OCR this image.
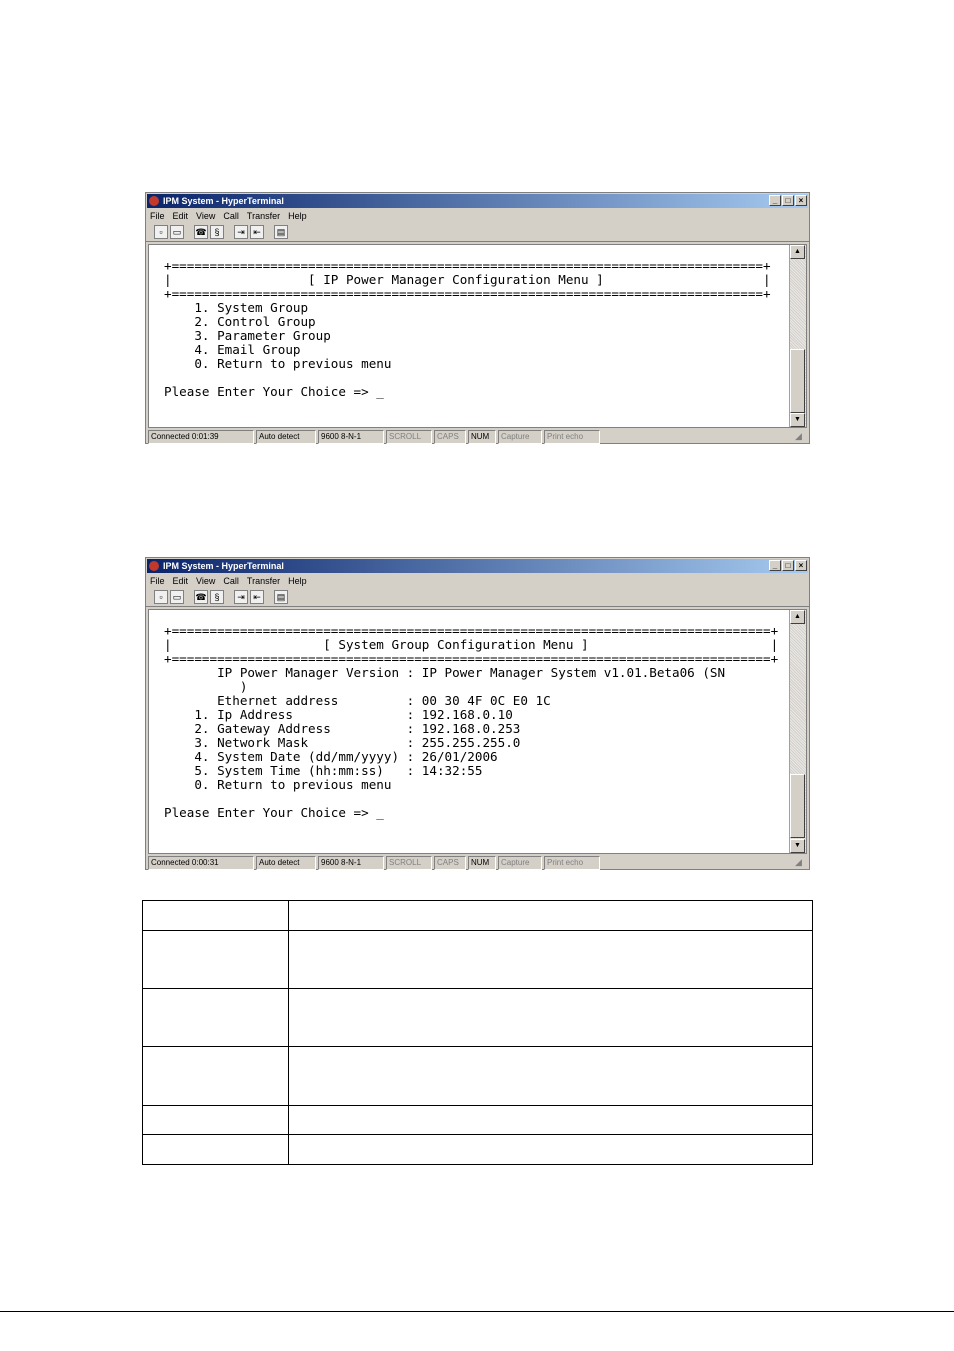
IPM System - HyperTerminal	_	□	×
File Edit View Call Transfer Help
▫	▭	☎ §	⇥ ⇤	▤

+==============================================================================+
|                  [ IP Power Manager Configuration Menu ]                     |
+==============================================================================+
1. System Group
2. Control Group
3. Parameter Group
4. Email Group
0. Return to previous menu

Please Enter Your Choice => _
▲
▼
Connected 0:01:39	Auto detect	9600 8-N-1	SCROLL	CAPS	NUM	Capture	Print echo	◢
IPM System - HyperTerminal	_	□	×
File Edit View Call Transfer Help
▫	▭	☎ §	⇥ ⇤	▤

+===============================================================================+
|                    [ System Group Configuration Menu ]                        |
+===============================================================================+
IP Power Manager Version : IP Power Manager System v1.01.Beta06 (SN
)
Ethernet address         : 00 30 4F 0C E0 1C
1. Ip Address               : 192.168.0.10
2. Gateway Address          : 192.168.0.253
3. Network Mask             : 255.255.255.0
4. System Date (dd/mm/yyyy) : 26/01/2006
5. System Time (hh:mm:ss)   : 14:32:55
0. Return to previous menu

Please Enter Your Choice => _
▲
▼
Connected 0:00:31	Auto detect	9600 8-N-1	SCROLL	CAPS	NUM	Capture	Print echo	◢
